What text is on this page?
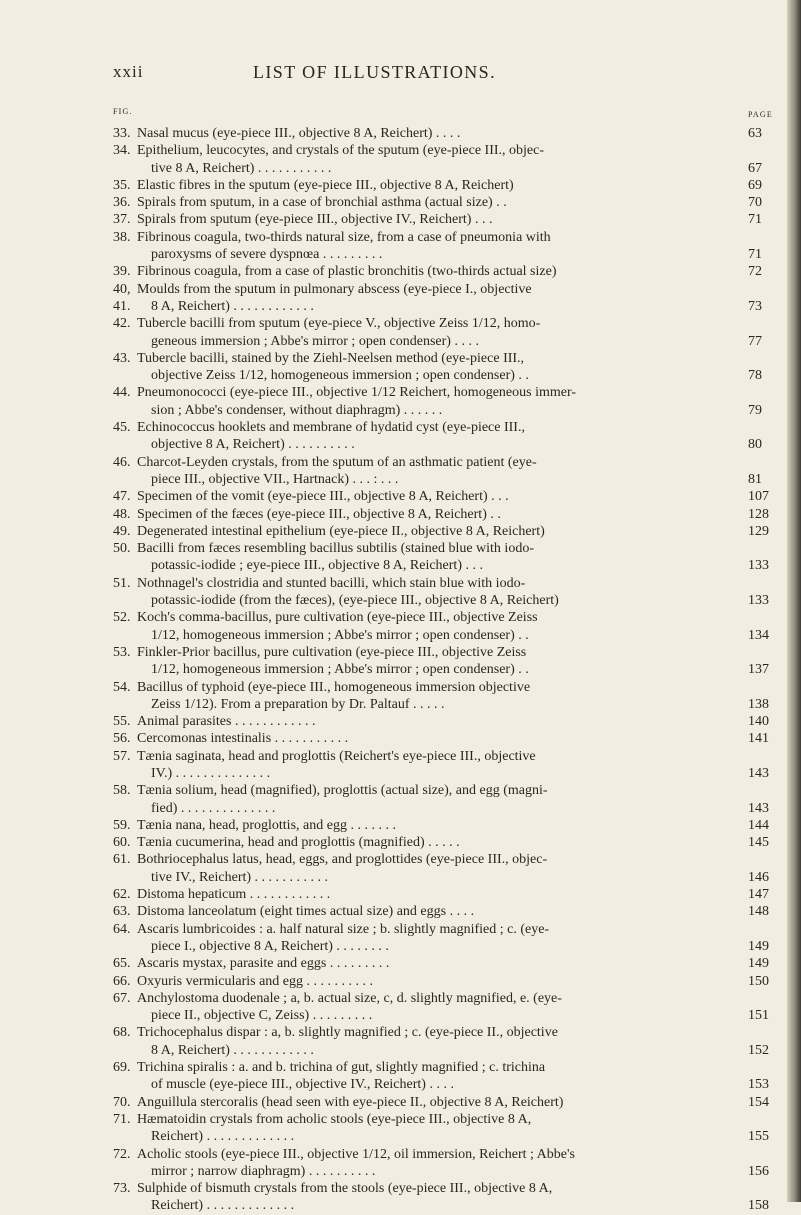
xxii	LIST OF ILLUSTRATIONS.
FIG.	PAGE
33. Nasal mucus (eye-piece III., objective 8 A, Reichert) . . . .	63
34. Epithelium, leucocytes, and crystals of the sputum (eye-piece III., objec-
tive 8 A, Reichert) . . . . . . . . . . .	67
35. Elastic fibres in the sputum (eye-piece III., objective 8 A, Reichert)	69
36. Spirals from sputum, in a case of bronchial asthma (actual size) . .	70
37. Spirals from sputum (eye-piece III., objective IV., Reichert) . . .	71
38. Fibrinous coagula, two-thirds natural size, from a case of pneumonia with
paroxysms of severe dyspnœa . . . . . . . . .	71
39. Fibrinous coagula, from a case of plastic bronchitis (two-thirds actual size)	72
40, 41.
Moulds from the sputum in pulmonary abscess (eye-piece I., objective
8 A, Reichert) . . . . . . . . . . . .	73
42. Tubercle bacilli from sputum (eye-piece V., objective Zeiss 1/12, homo-
geneous immersion ; Abbe's mirror ; open condenser) . . . .	77
43. Tubercle bacilli, stained by the Ziehl-Neelsen method (eye-piece III.,
objective Zeiss 1/12, homogeneous immersion ; open condenser) . .	78
44. Pneumonococci (eye-piece III., objective 1/12 Reichert, homogeneous immer-
sion ; Abbe's condenser, without diaphragm) . . . . . .	79
45. Echinococcus hooklets and membrane of hydatid cyst (eye-piece III.,
objective 8 A, Reichert) . . . . . . . . . .	80
46. Charcot-Leyden crystals, from the sputum of an asthmatic patient (eye-
piece III., objective VII., Hartnack) . . . : . . .	81
47. Specimen of the vomit (eye-piece III., objective 8 A, Reichert) . . .	107
48. Specimen of the fæces (eye-piece III., objective 8 A, Reichert) . .	128
49. Degenerated intestinal epithelium (eye-piece II., objective 8 A, Reichert)	129
50. Bacilli from fæces resembling bacillus subtilis (stained blue with iodo-
potassic-iodide ; eye-piece III., objective 8 A, Reichert) . . .	133
51. Nothnagel's clostridia and stunted bacilli, which stain blue with iodo-
potassic-iodide (from the fæces), (eye-piece III., objective 8 A, Reichert)	133
52. Koch's comma-bacillus, pure cultivation (eye-piece III., objective Zeiss
1/12, homogeneous immersion ; Abbe's mirror ; open condenser) . .	134
53. Finkler-Prior bacillus, pure cultivation (eye-piece III., objective Zeiss
1/12, homogeneous immersion ; Abbe's mirror ; open condenser) . .	137
54. Bacillus of typhoid (eye-piece III., homogeneous immersion objective
Zeiss 1/12). From a preparation by Dr. Paltauf . . . . .	138
55. Animal parasites . . . . . . . . . . . .	140
56. Cercomonas intestinalis . . . . . . . . . . .	141
57. Tænia saginata, head and proglottis (Reichert's eye-piece III., objective
IV.) . . . . . . . . . . . . . .	143
58. Tænia solium, head (magnified), proglottis (actual size), and egg (magni-
fied) . . . . . . . . . . . . . .	143
59. Tænia nana, head, proglottis, and egg . . . . . . .	144
60. Tænia cucumerina, head and proglottis (magnified) . . . . .	145
61. Bothriocephalus latus, head, eggs, and proglottides (eye-piece III., objec-
tive IV., Reichert) . . . . . . . . . . .	146
62. Distoma hepaticum . . . . . . . . . . . .	147
63. Distoma lanceolatum (eight times actual size) and eggs . . . .	148
64. Ascaris lumbricoides : a. half natural size ; b. slightly magnified ; c. (eye-
piece I., objective 8 A, Reichert) . . . . . . . .	149
65. Ascaris mystax, parasite and eggs . . . . . . . . .	149
66. Oxyuris vermicularis and egg . . . . . . . . . .	150
67. Anchylostoma duodenale ; a, b. actual size, c, d. slightly magnified, e. (eye-
piece II., objective C, Zeiss) . . . . . . . . .	151
68. Trichocephalus dispar : a, b. slightly magnified ; c. (eye-piece II., objective
8 A, Reichert) . . . . . . . . . . . .	152
69. Trichina spiralis : a. and b. trichina of gut, slightly magnified ; c. trichina
of muscle (eye-piece III., objective IV., Reichert) . . . .	153
70. Anguillula stercoralis (head seen with eye-piece II., objective 8 A, Reichert)	154
71. Hæmatoidin crystals from acholic stools (eye-piece III., objective 8 A,
Reichert) . . . . . . . . . . . . .	155
72. Acholic stools (eye-piece III., objective 1/12, oil immersion, Reichert ; Abbe's
mirror ; narrow diaphragm) . . . . . . . . . .	156
73. Sulphide of bismuth crystals from the stools (eye-piece III., objective 8 A,
Reichert) . . . . . . . . . . . . .	158
